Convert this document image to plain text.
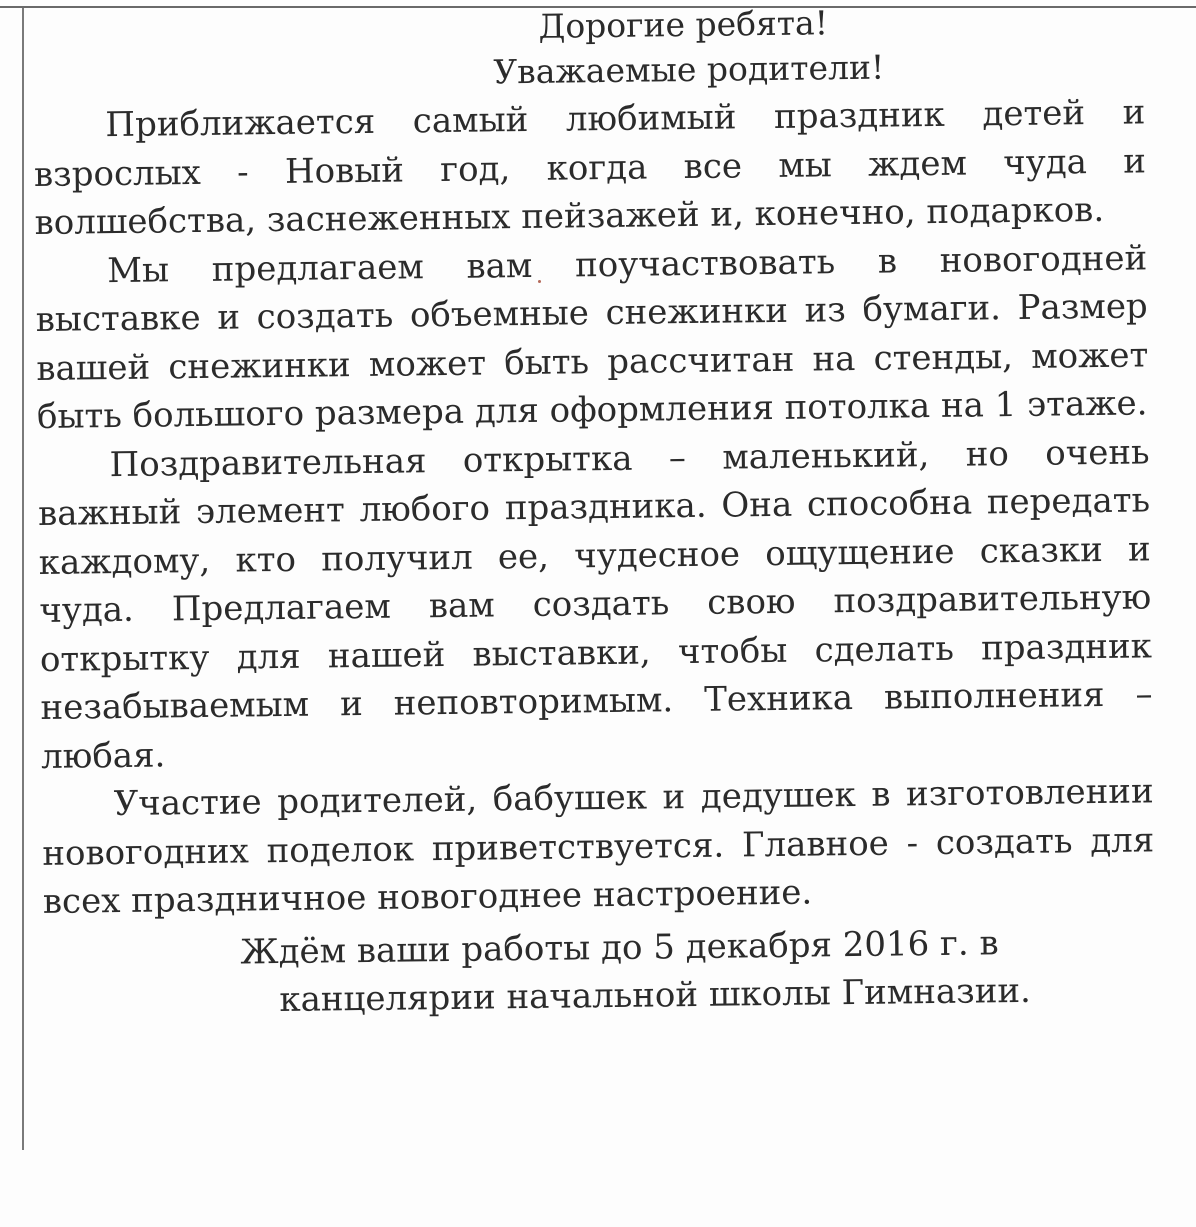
Дорогие ребята!
Уважаемые родители!

Приближается самый любимый праздник детей и взрослых - Новый год, когда все мы ждем чуда и волшебства, заснеженных пейзажей и, конечно, подарков.

Мы предлагаем вам поучаствовать в новогодней выставке и создать объемные снежинки из бумаги. Размер вашей снежинки может быть рассчитан на стенды, может быть большого размера для оформления потолка на 1 этаже.

Поздравительная открытка – маленький, но очень важный элемент любого праздника. Она способна передать каждому, кто получил ее, чудесное ощущение сказки и чуда. Предлагаем вам создать свою поздравительную открытку для нашей выставки, чтобы сделать праздник незабываемым и неповторимым. Техника выполнения – любая.

Участие родителей, бабушек и дедушек в изготовлении новогодних поделок приветствуется. Главное - создать для всех праздничное новогоднее настроение.

Ждём ваши работы до 5 декабря 2016 г. в

канцелярии начальной школы Гимназии.
